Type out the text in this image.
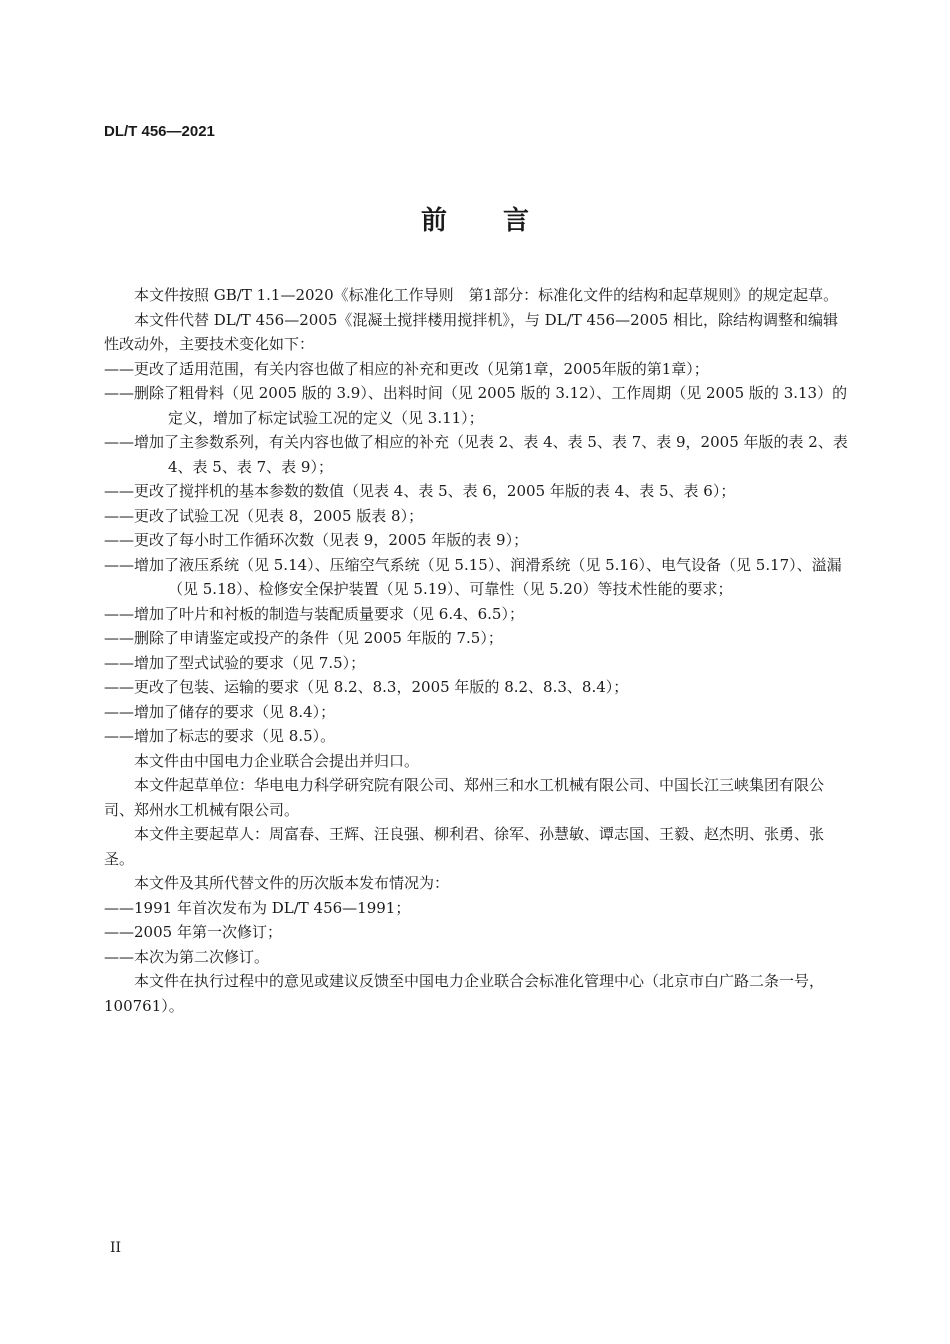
DL/T 456—2021
前 言

本文件按照 GB/T 1.1—2020《标准化工作导则　第1部分：标准化文件的结构和起草规则》的规定起草。

本文件代替 DL/T 456—2005《混凝土搅拌楼用搅拌机》，与 DL/T 456—2005 相比，除结构调整和编辑性改动外，主要技术变化如下：

——更改了适用范围，有关内容也做了相应的补充和更改（见第1章，2005年版的第1章）；

——删除了粗骨料（见 2005 版的 3.9）、出料时间（见 2005 版的 3.12）、工作周期（见 2005 版的 3.13）的定义，增加了标定试验工况的定义（见 3.11）；

——增加了主参数系列，有关内容也做了相应的补充（见表 2、表 4、表 5、表 7、表 9，2005 年版的表 2、表 4、表 5、表 7、表 9）；

——更改了搅拌机的基本参数的数值（见表 4、表 5、表 6，2005 年版的表 4、表 5、表 6）；

——更改了试验工况（见表 8，2005 版表 8）；

——更改了每小时工作循环次数（见表 9，2005 年版的表 9）；

——增加了液压系统（见 5.14）、压缩空气系统（见 5.15）、润滑系统（见 5.16）、电气设备（见 5.17）、溢漏（见 5.18）、检修安全保护装置（见 5.19）、可靠性（见 5.20）等技术性能的要求；

——增加了叶片和衬板的制造与装配质量要求（见 6.4、6.5）；

——删除了申请鉴定或投产的条件（见 2005 年版的 7.5）；

——增加了型式试验的要求（见 7.5）；

——更改了包装、运输的要求（见 8.2、8.3，2005 年版的 8.2、8.3、8.4）；

——增加了储存的要求（见 8.4）；

——增加了标志的要求（见 8.5）。

本文件由中国电力企业联合会提出并归口。

本文件起草单位：华电电力科学研究院有限公司、郑州三和水工机械有限公司、中国长江三峡集团有限公司、郑州水工机械有限公司。

本文件主要起草人：周富春、王辉、汪良强、柳利君、徐军、孙慧敏、谭志国、王毅、赵杰明、张勇、张圣。

本文件及其所代替文件的历次版本发布情况为：

——1991 年首次发布为 DL/T 456—1991；

——2005 年第一次修订；

——本次为第二次修订。

本文件在执行过程中的意见或建议反馈至中国电力企业联合会标准化管理中心（北京市白广路二条一号，100761）。

II
